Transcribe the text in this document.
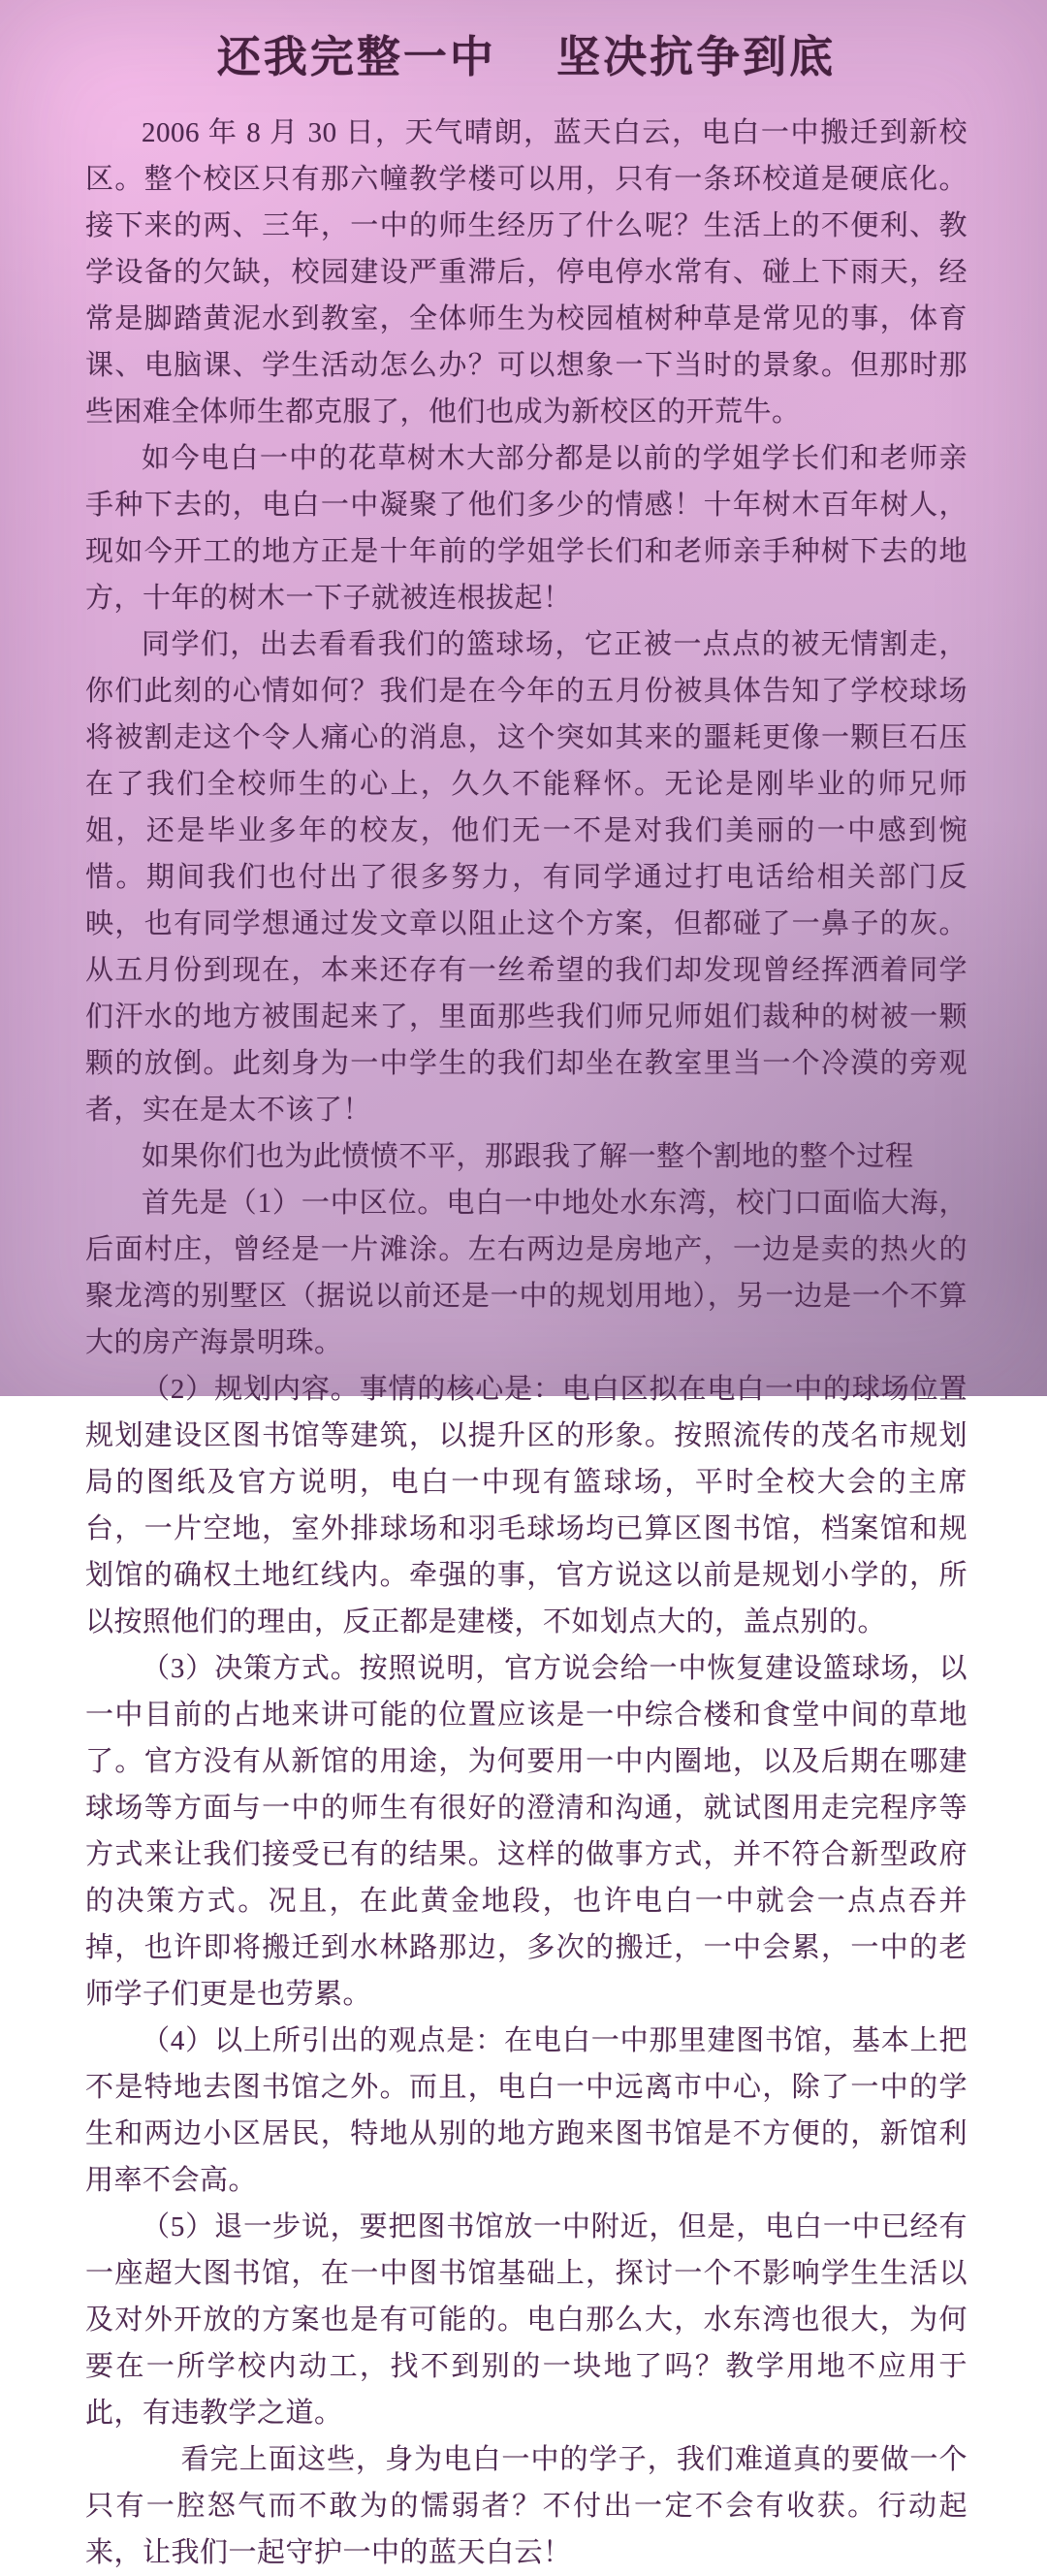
还我完整一中　 坚决抗争到底

2006 年 8 月 30 日，天气晴朗，蓝天白云，电白一中搬迁到新校区。整个校区只有那六幢教学楼可以用，只有一条环校道是硬底化。接下来的两、三年，一中的师生经历了什么呢？生活上的不便利、教学设备的欠缺，校园建设严重滞后，停电停水常有、碰上下雨天，经常是脚踏黄泥水到教室，全体师生为校园植树种草是常见的事，体育课、电脑课、学生活动怎么办？可以想象一下当时的景象。但那时那些困难全体师生都克服了，他们也成为新校区的开荒牛。

如今电白一中的花草树木大部分都是以前的学姐学长们和老师亲手种下去的，电白一中凝聚了他们多少的情感！十年树木百年树人，现如今开工的地方正是十年前的学姐学长们和老师亲手种树下去的地方，十年的树木一下子就被连根拔起！

同学们，出去看看我们的篮球场，它正被一点点的被无情割走，你们此刻的心情如何？我们是在今年的五月份被具体告知了学校球场将被割走这个令人痛心的消息，这个突如其来的噩耗更像一颗巨石压在了我们全校师生的心上，久久不能释怀。无论是刚毕业的师兄师姐，还是毕业多年的校友，他们无一不是对我们美丽的一中感到惋惜。期间我们也付出了很多努力，有同学通过打电话给相关部门反映，也有同学想通过发文章以阻止这个方案，但都碰了一鼻子的灰。从五月份到现在，本来还存有一丝希望的我们却发现曾经挥洒着同学们汗水的地方被围起来了，里面那些我们师兄师姐们裁种的树被一颗颗的放倒。此刻身为一中学生的我们却坐在教室里当一个冷漠的旁观者，实在是太不该了！

如果你们也为此愤愤不平，那跟我了解一整个割地的整个过程

首先是（1）一中区位。电白一中地处水东湾，校门口面临大海，后面村庄，曾经是一片滩涂。左右两边是房地产，一边是卖的热火的聚龙湾的别墅区（据说以前还是一中的规划用地），另一边是一个不算大的房产海景明珠。

（2）规划内容。事情的核心是：电白区拟在电白一中的球场位置规划建设区图书馆等建筑，以提升区的形象。按照流传的茂名市规划局的图纸及官方说明，电白一中现有篮球场，平时全校大会的主席台，一片空地，室外排球场和羽毛球场均已算区图书馆，档案馆和规划馆的确权土地红线内。牵强的事，官方说这以前是规划小学的，所以按照他们的理由，反正都是建楼，不如划点大的，盖点别的。

（3）决策方式。按照说明，官方说会给一中恢复建设篮球场，以一中目前的占地来讲可能的位置应该是一中综合楼和食堂中间的草地了。官方没有从新馆的用途，为何要用一中内圈地，以及后期在哪建球场等方面与一中的师生有很好的澄清和沟通，就试图用走完程序等方式来让我们接受已有的结果。这样的做事方式，并不符合新型政府的决策方式。况且，在此黄金地段，也许电白一中就会一点点吞并掉，也许即将搬迁到水林路那边，多次的搬迁，一中会累，一中的老师学子们更是也劳累。

（4）以上所引出的观点是：在电白一中那里建图书馆，基本上把不是特地去图书馆之外。而且，电白一中远离市中心，除了一中的学生和两边小区居民，特地从别的地方跑来图书馆是不方便的，新馆利用率不会高。

（5）退一步说，要把图书馆放一中附近，但是，电白一中已经有一座超大图书馆，在一中图书馆基础上，探讨一个不影响学生生活以及对外开放的方案也是有可能的。电白那么大，水东湾也很大，为何要在一所学校内动工，找不到别的一块地了吗？教学用地不应用于此，有违教学之道。

看完上面这些，身为电白一中的学子，我们难道真的要做一个只有一腔怒气而不敢为的懦弱者？不付出一定不会有收获。行动起来，让我们一起守护一中的蓝天白云！
